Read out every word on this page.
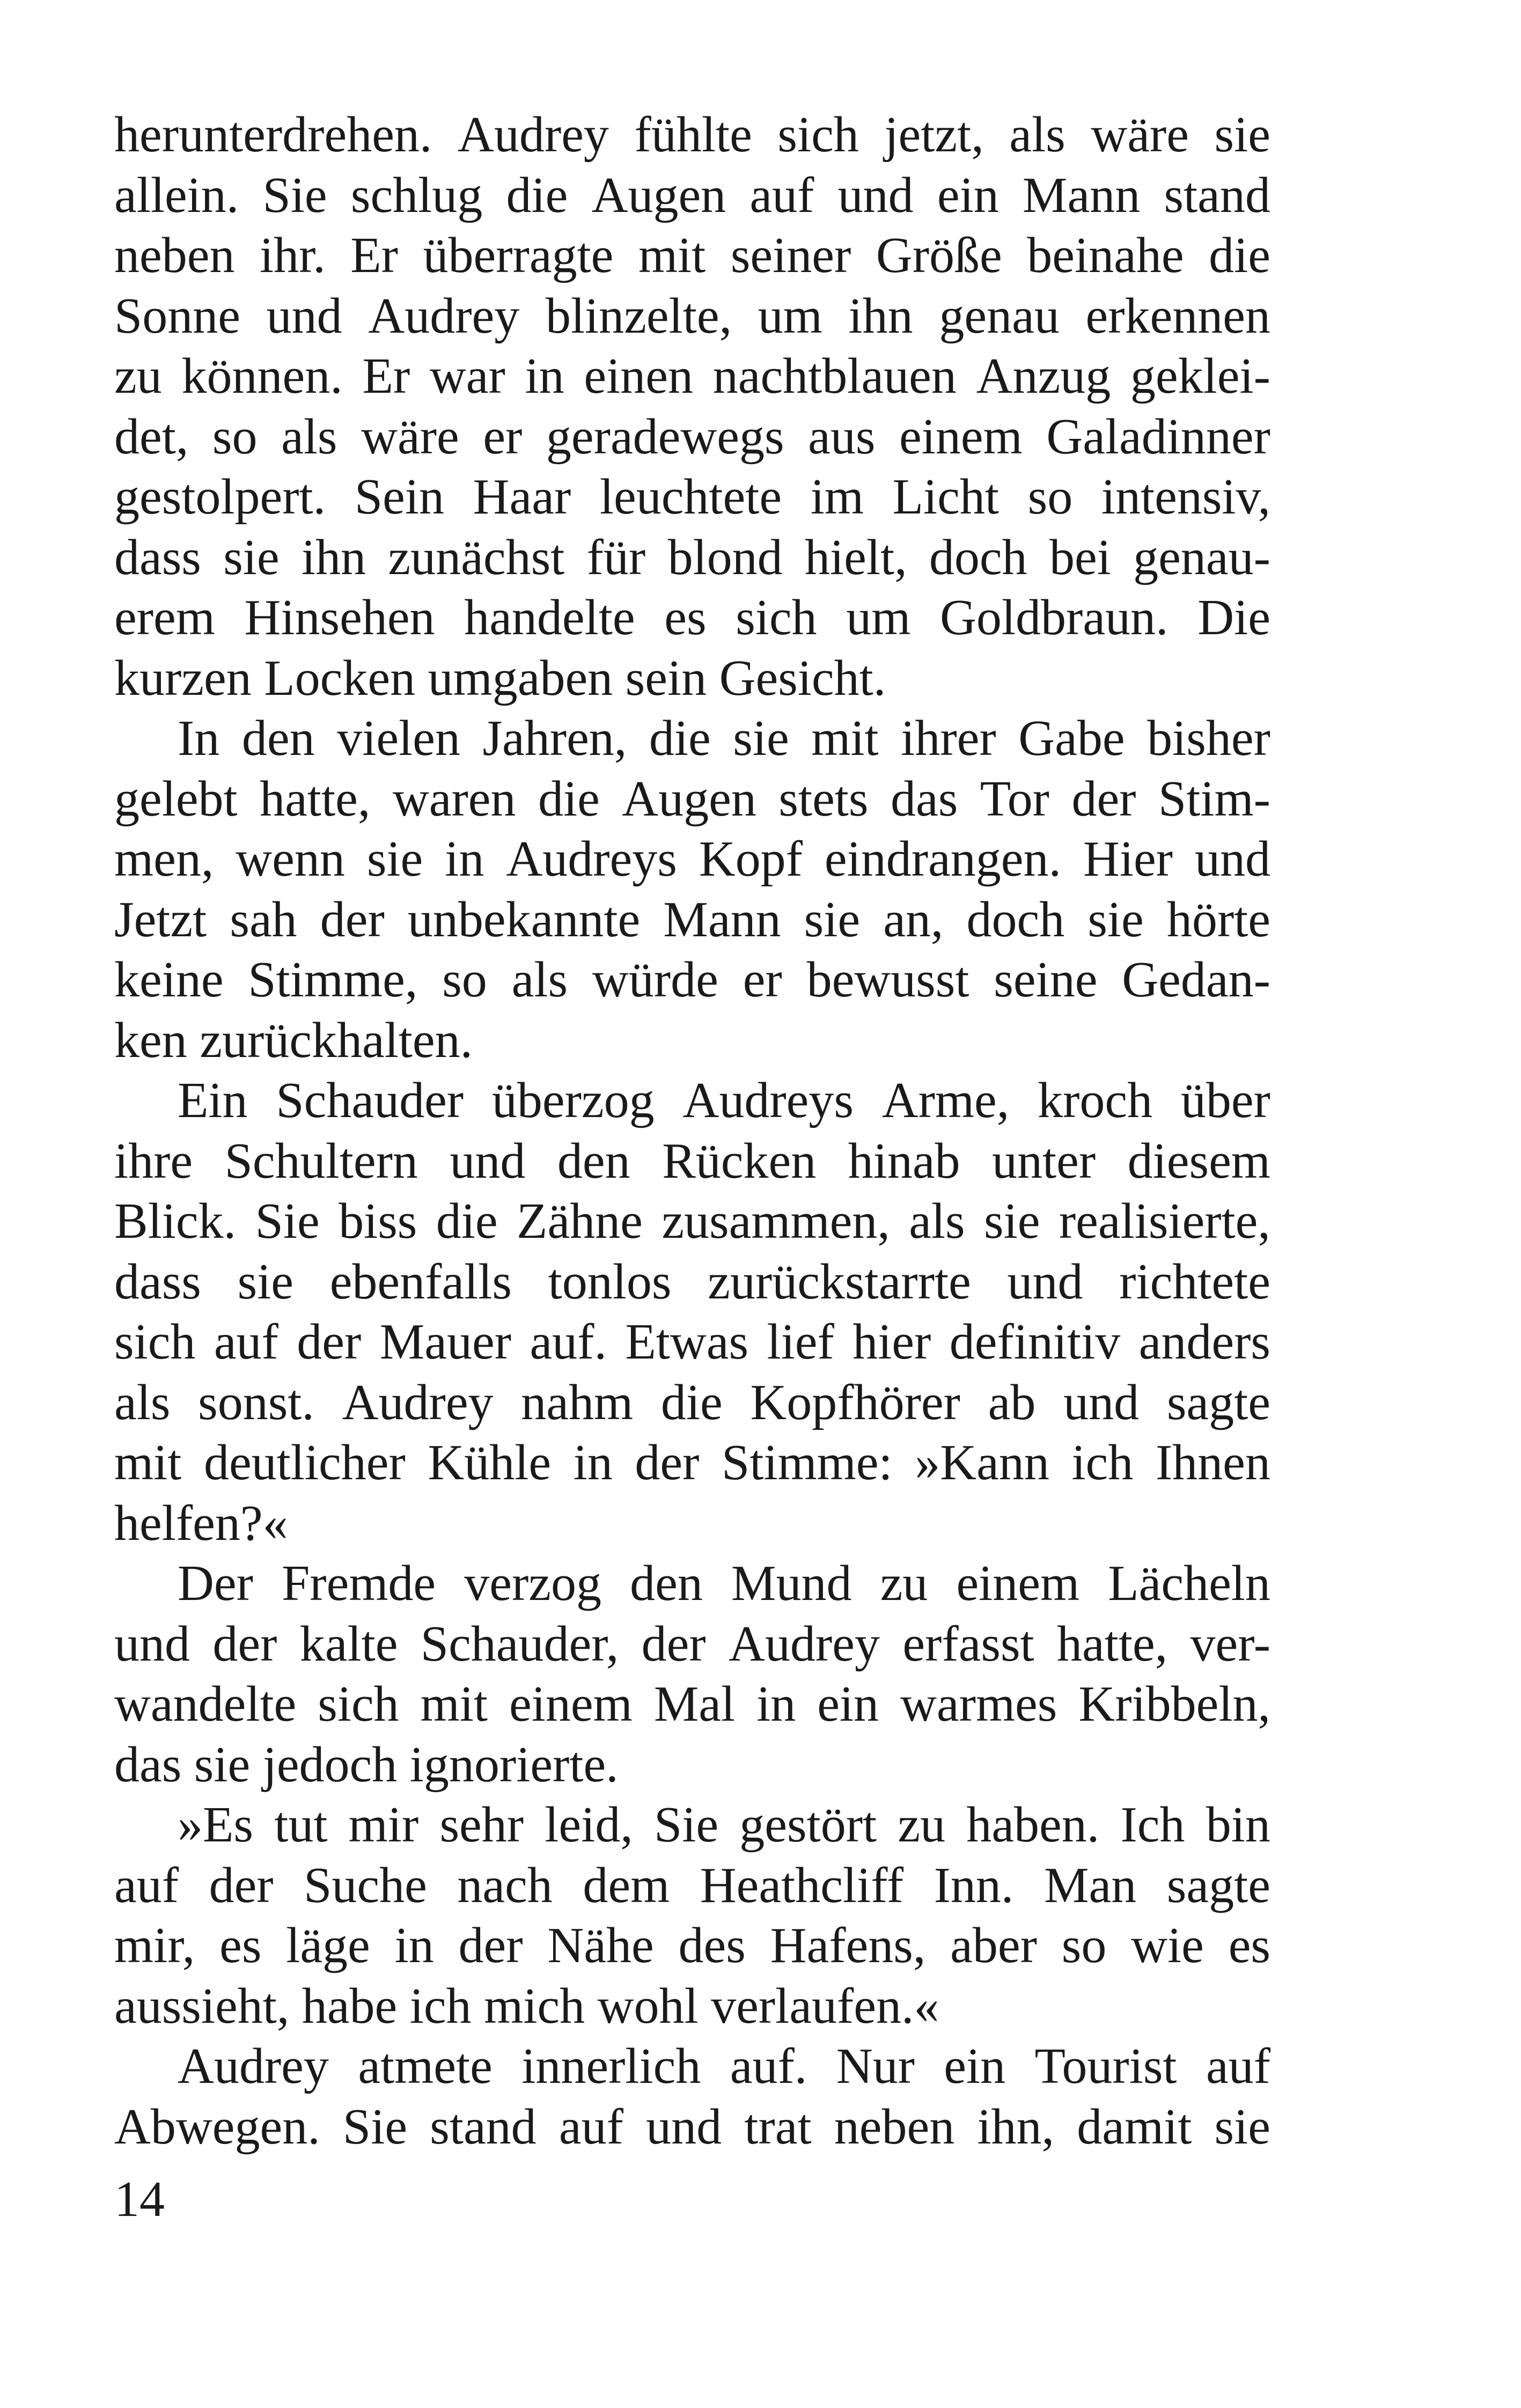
herunterdrehen. Audrey fühlte sich jetzt, als wäre sie
allein. Sie schlug die Augen auf und ein Mann stand
neben ihr. Er überragte mit seiner Größe beinahe die
Sonne und Audrey blinzelte, um ihn genau erkennen
zu können. Er war in einen nachtblauen Anzug geklei-
det, so als wäre er geradewegs aus einem Galadinner
gestolpert. Sein Haar leuchtete im Licht so intensiv,
dass sie ihn zunächst für blond hielt, doch bei genau-
erem Hinsehen handelte es sich um Goldbraun. Die
kurzen Locken umgaben sein Gesicht.
In den vielen Jahren, die sie mit ihrer Gabe bisher
gelebt hatte, waren die Augen stets das Tor der Stim-
men, wenn sie in Audreys Kopf eindrangen. Hier und
Jetzt sah der unbekannte Mann sie an, doch sie hörte
keine Stimme, so als würde er bewusst seine Gedan-
ken zurückhalten.
Ein Schauder überzog Audreys Arme, kroch über
ihre Schultern und den Rücken hinab unter diesem
Blick. Sie biss die Zähne zusammen, als sie realisierte,
dass sie ebenfalls tonlos zurückstarrte und richtete
sich auf der Mauer auf. Etwas lief hier definitiv anders
als sonst. Audrey nahm die Kopfhörer ab und sagte
mit deutlicher Kühle in der Stimme: »Kann ich Ihnen
helfen?«
Der Fremde verzog den Mund zu einem Lächeln
und der kalte Schauder, der Audrey erfasst hatte, ver-
wandelte sich mit einem Mal in ein warmes Kribbeln,
das sie jedoch ignorierte.
»Es tut mir sehr leid, Sie gestört zu haben. Ich bin
auf der Suche nach dem Heathcliff Inn. Man sagte
mir, es läge in der Nähe des Hafens, aber so wie es
aussieht, habe ich mich wohl verlaufen.«
Audrey atmete innerlich auf. Nur ein Tourist auf
Abwegen. Sie stand auf und trat neben ihn, damit sie
14
